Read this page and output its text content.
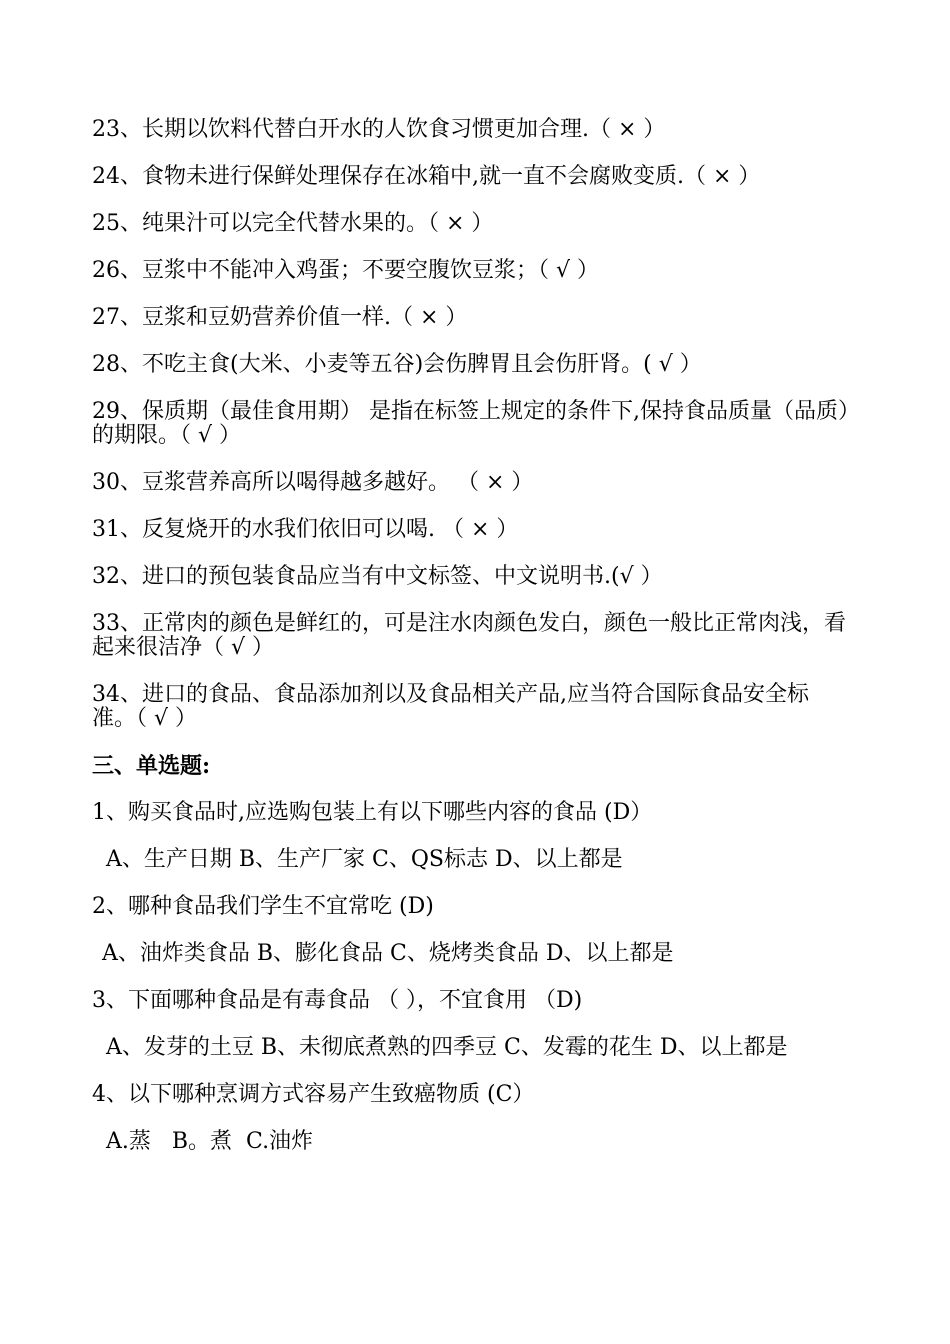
23、长期以饮料代替白开水的人饮食习惯更加合理.（ × ）
24、食物未进行保鲜处理保存在冰箱中,就一直不会腐败变质.（ × ）
25、纯果汁可以完全代替水果的。（ × ）
26、豆浆中不能冲入鸡蛋；不要空腹饮豆浆；（ √ ）
27、豆浆和豆奶营养价值一样.（ × ）
28、不吃主食(大米、小麦等五谷)会伤脾胃且会伤肝肾。( √ ）
29、保质期（最佳食用期） 是指在标签上规定的条件下,保持食品质量（品质）的期限。（ √ ）
30、豆浆营养高所以喝得越多越好。 （ × ）
31、反复烧开的水我们依旧可以喝. （ × ）
32、进口的预包装食品应当有中文标签、中文说明书.(√ ）
33、正常肉的颜色是鲜红的，可是注水肉颜色发白，颜色一般比正常肉浅，看起来很洁净（ √ ）
34、进口的食品、食品添加剂以及食品相关产品,应当符合国际食品安全标准。（ √ ）
三、单选题:
1、购买食品时,应选购包装上有以下哪些内容的食品 (D）
A、生产日期 B、生产厂家 C、QS标志 D、以上都是
2、哪种食品我们学生不宜常吃 (D)
A、油炸类食品 B、膨化食品 C、烧烤类食品 D、以上都是
3、下面哪种食品是有毒食品 （ ），不宜食用 （D)
A、发芽的土豆 B、未彻底煮熟的四季豆 C、发霉的花生 D、以上都是
4、以下哪种烹调方式容易产生致癌物质 (C）
A.蒸   B。煮  C.油炸
